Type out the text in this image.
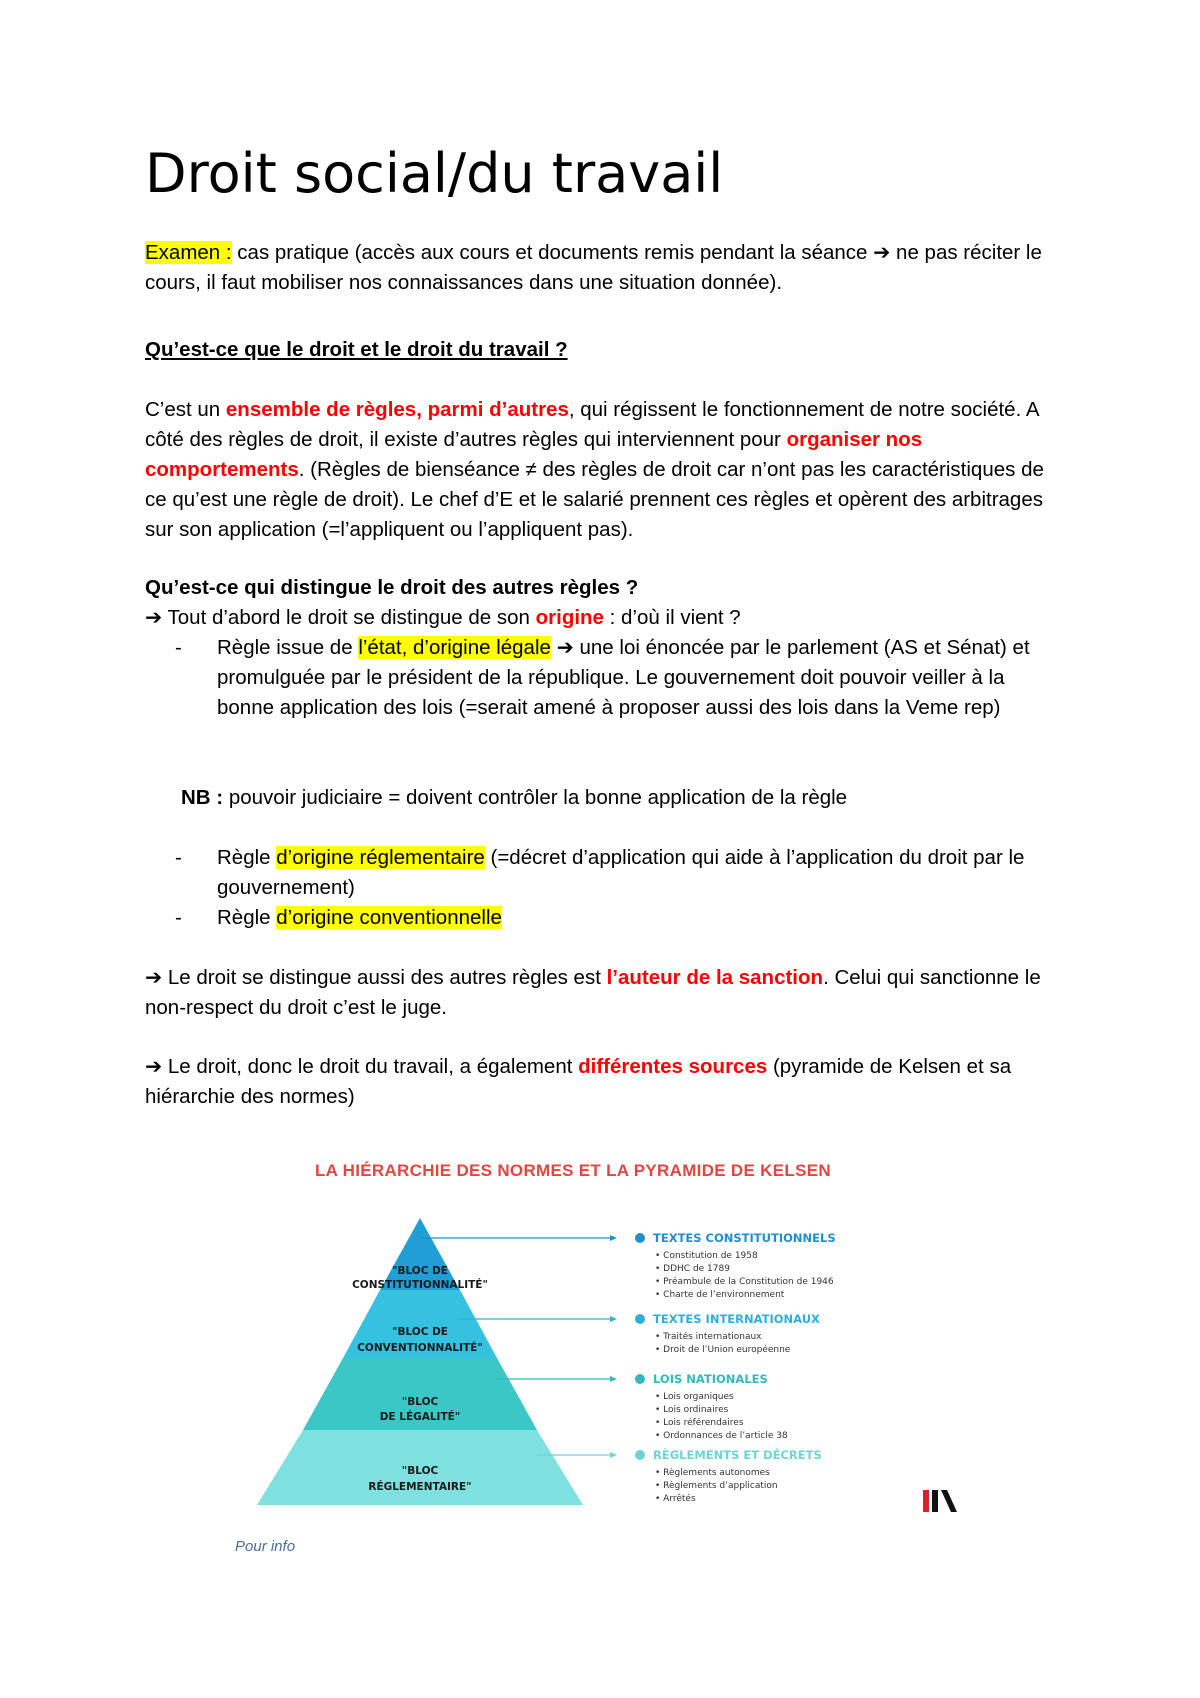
Droit social/du travail

Examen : cas pratique (accès aux cours et documents remis pendant la séance ➔ ne pas réciter le cours, il faut mobiliser nos connaissances dans une situation donnée).

Qu’est-ce que le droit et le droit du travail ?

C’est un ensemble de règles, parmi d’autres, qui régissent le fonctionnement de notre société. A côté des règles de droit, il existe d’autres règles qui interviennent pour organiser nos comportements. (Règles de bienséance ≠ des règles de droit car n’ont pas les caractéristiques de ce qu’est une règle de droit). Le chef d’E et le salarié prennent ces règles et opèrent des arbitrages sur son application (=l’appliquent ou l’appliquent pas).

Qu’est-ce qui distingue le droit des autres règles ?

➔ Tout d’abord le droit se distingue de son origine : d’où il vient ?

-	Règle issue de l’état, d’origine légale ➔ une loi énoncée par le parlement (AS et Sénat) et promulguée par le président de la république. Le gouvernement doit pouvoir veiller à la bonne application des lois (=serait amené à proposer aussi des lois dans la Veme rep)

NB : pouvoir judiciaire = doivent contrôler la bonne application de la règle

-	Règle d’origine réglementaire (=décret d’application qui aide à l’application du droit par le gouvernement)
-	Règle d’origine conventionnelle

➔ Le droit se distingue aussi des autres règles est l’auteur de la sanction. Celui qui sanctionne le non-respect du droit c’est le juge.

➔ Le droit, donc le droit du travail, a également différentes sources (pyramide de Kelsen et sa hiérarchie des normes)

LA HIÉRARCHIE DES NORMES ET LA PYRAMIDE DE KELSEN

"BLOC DE
CONSTITUTIONNALITÉ"
"BLOC DE
CONVENTIONNALITÉ"
"BLOC
DE LÉGALITÉ"
"BLOC
RÉGLEMENTAIRE"
TEXTES CONSTITUTIONNELS
• Constitution de 1958
• DDHC de 1789
• Préambule de la Constitution de 1946
• Charte de l’environnement
TEXTES INTERNATIONAUX
• Traités internationaux
• Droit de l’Union européenne
LOIS NATIONALES
• Lois organiques
• Lois ordinaires
• Lois référendaires
• Ordonnances de l’article 38
RÈGLEMENTS ET DÉCRETS
• Règlements autonomes
• Règlements d’application
• Arrêtés
Pour info
